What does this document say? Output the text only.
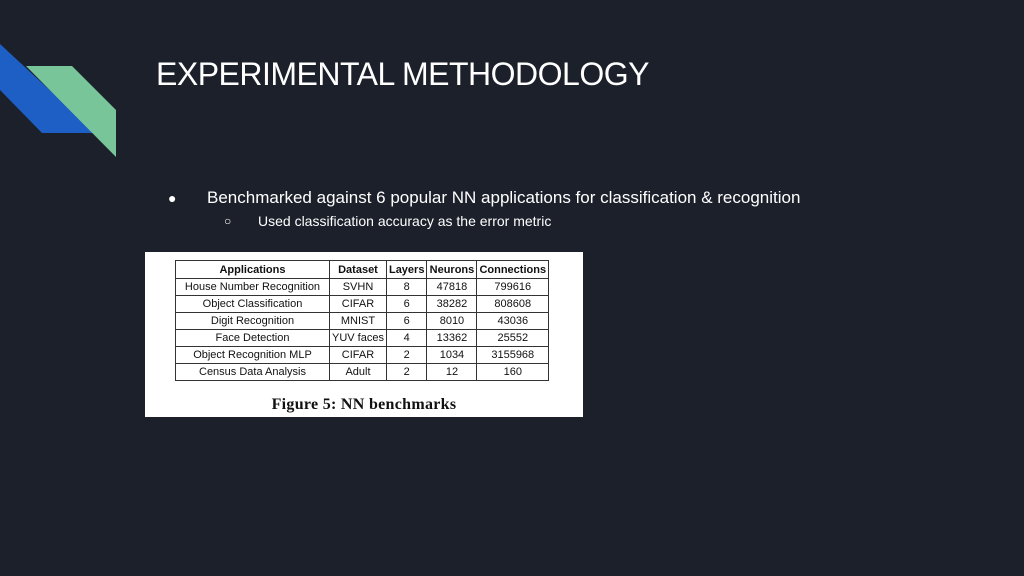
EXPERIMENTAL METHODOLOGY
● Benchmarked against 6 popular NN applications for classification & recognition
○ Used classification accuracy as the error metric
Applications	Dataset	Layers	Neurons	Connections
House Number Recognition	SVHN	8	47818	799616
Object Classification	CIFAR	6	38282	808608
Digit Recognition	MNIST	6	8010	43036
Face Detection	YUV faces	4	13362	25552
Object Recognition MLP	CIFAR	2	1034	3155968
Census Data Analysis	Adult	2	12	160
Figure 5: NN benchmarks
